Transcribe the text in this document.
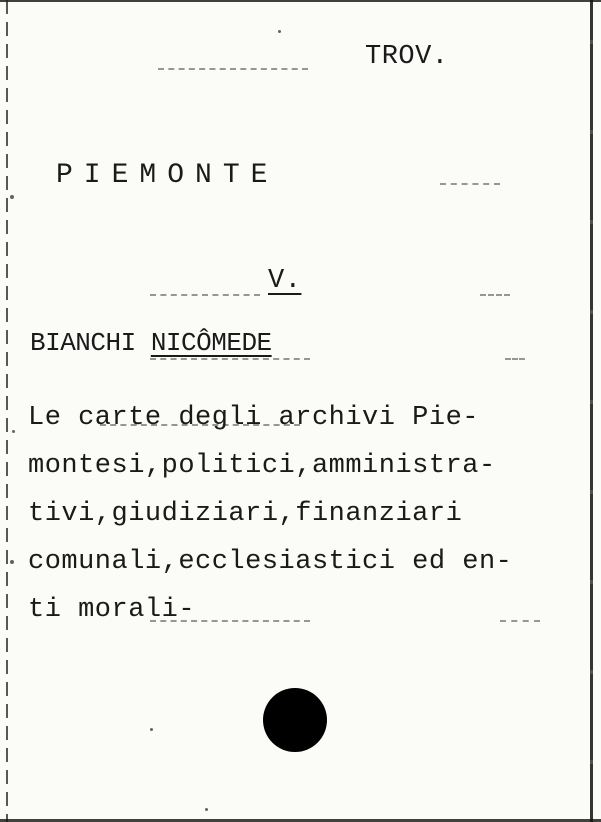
TROV.
PIEMONTE
V.
BIANCHI NICÔMEDE
Le carte degli archivi Pie-
montesi,politici,amministra-
tivi,giudiziari,finanziari
comunali,ecclesiastici ed en-
ti morali-
